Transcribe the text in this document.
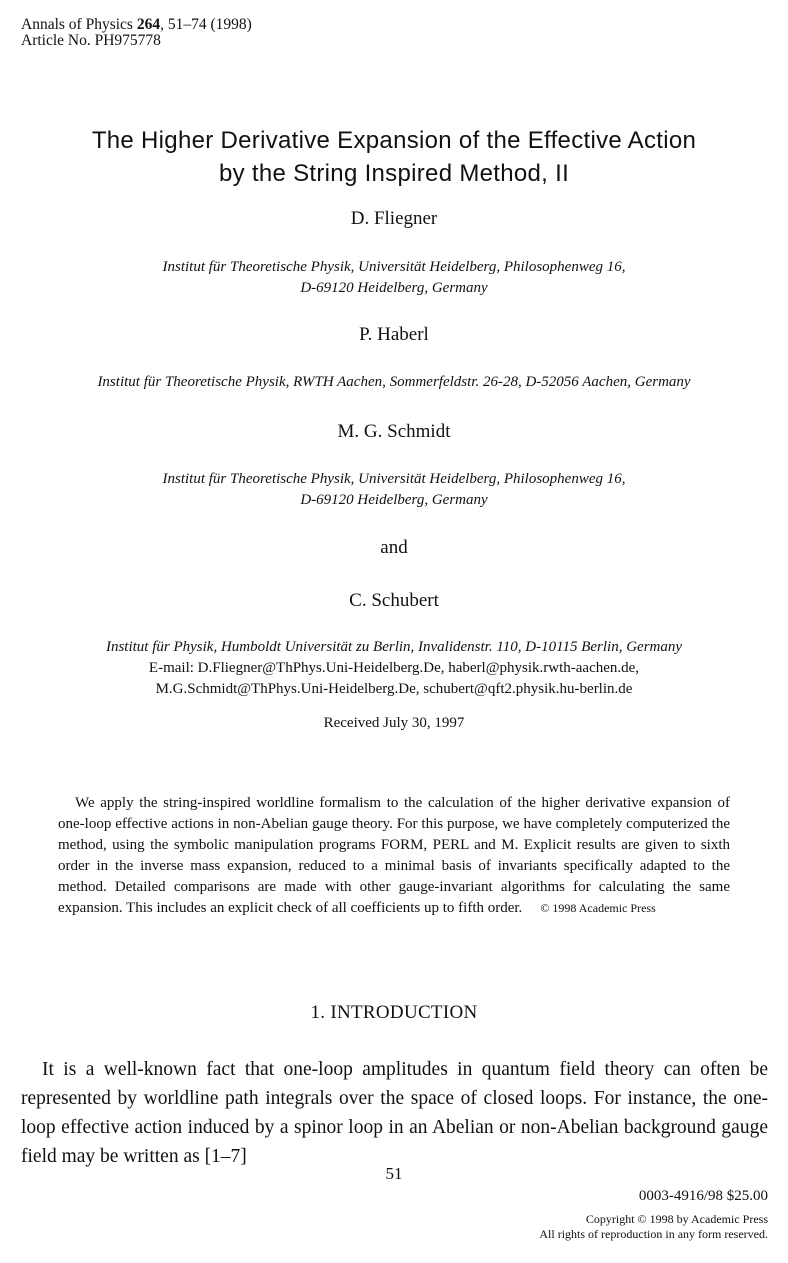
Annals of Physics 264, 51–74 (1998)
Article No. PH975778
The Higher Derivative Expansion of the Effective Action
by the String Inspired Method, II
D. Fliegner
Institut für Theoretische Physik, Universität Heidelberg, Philosophenweg 16,
D-69120 Heidelberg, Germany
P. Haberl
Institut für Theoretische Physik, RWTH Aachen, Sommerfeldstr. 26-28, D-52056 Aachen, Germany
M. G. Schmidt
Institut für Theoretische Physik, Universität Heidelberg, Philosophenweg 16,
D-69120 Heidelberg, Germany
and
C. Schubert
Institut für Physik, Humboldt Universität zu Berlin, Invalidenstr. 110, D-10115 Berlin, Germany
E-mail: D.Fliegner@ThPhys.Uni-Heidelberg.De, haberl@physik.rwth-aachen.de,
M.G.Schmidt@ThPhys.Uni-Heidelberg.De, schubert@qft2.physik.hu-berlin.de
Received July 30, 1997
We apply the string-inspired worldline formalism to the calculation of the higher derivative expansion of one-loop effective actions in non-Abelian gauge theory. For this purpose, we have completely computerized the method, using the symbolic manipulation programs FORM, PERL and M. Explicit results are given to sixth order in the inverse mass expansion, reduced to a minimal basis of invariants specifically adapted to the method. Detailed comparisons are made with other gauge-invariant algorithms for calculating the same expansion. This includes an explicit check of all coefficients up to fifth order. © 1998 Academic Press
1. INTRODUCTION
It is a well-known fact that one-loop amplitudes in quantum field theory can often be represented by worldline path integrals over the space of closed loops. For instance, the one-loop effective action induced by a spinor loop in an Abelian or non-Abelian background gauge field may be written as [1–7]
51
0003-4916/98 $25.00
Copyright © 1998 by Academic Press
All rights of reproduction in any form reserved.
